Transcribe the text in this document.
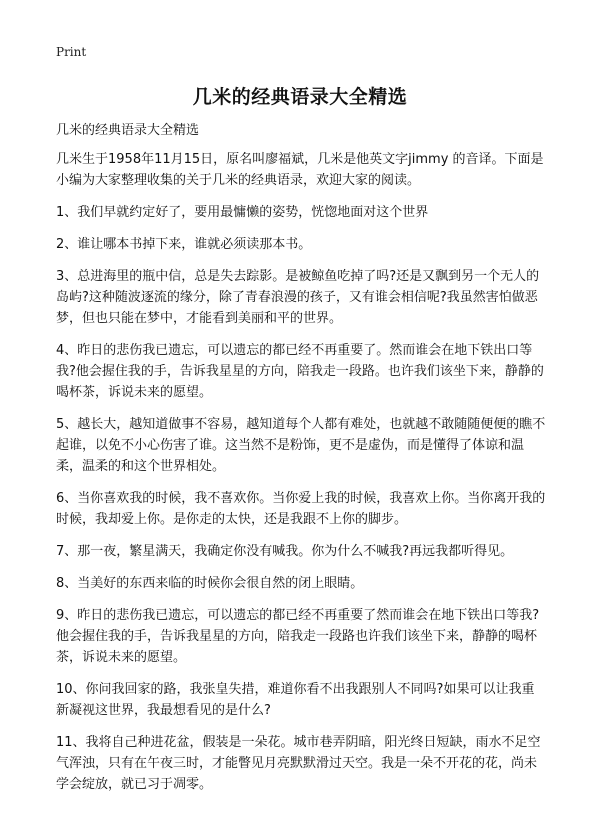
Print
几米的经典语录大全精选

几米的经典语录大全精选

几米生于1958年11月15日，原名叫廖福斌，几米是他英文字jimmy 的音译。下面是小编为大家整理收集的关于几米的经典语录，欢迎大家的阅读。

1、我们早就约定好了，要用最慵懒的姿势，恍惚地面对这个世界

2、谁让哪本书掉下来，谁就必须读那本书。

3、总进海里的瓶中信，总是失去踪影。是被鲸鱼吃掉了吗?还是又飘到另一个无人的岛屿?这种随波逐流的缘分，除了青春浪漫的孩子，又有谁会相信呢?我虽然害怕做恶梦，但也只能在梦中，才能看到美丽和平的世界。

4、昨日的悲伤我已遗忘，可以遗忘的都已经不再重要了。然而谁会在地下铁出口等我?他会握住我的手，告诉我星星的方向，陪我走一段路。也许我们该坐下来，静静的喝杯茶，诉说未来的愿望。

5、越长大，越知道做事不容易，越知道每个人都有难处，也就越不敢随随便便的瞧不起谁，以免不小心伤害了谁。这当然不是粉饰，更不是虚伪，而是懂得了体谅和温柔，温柔的和这个世界相处。

6、当你喜欢我的时候，我不喜欢你。当你爱上我的时候，我喜欢上你。当你离开我的时候，我却爱上你。是你走的太快，还是我跟不上你的脚步。

7、那一夜，繁星满天，我确定你没有喊我。你为什么不喊我?再远我都听得见。

8、当美好的东西来临的时候你会很自然的闭上眼睛。

9、昨日的悲伤我已遗忘，可以遗忘的都已经不再重要了然而谁会在地下铁出口等我?他会握住我的手，告诉我星星的方向，陪我走一段路也许我们该坐下来，静静的喝杯茶，诉说未来的愿望。

10、你问我回家的路，我张皇失措，难道你看不出我跟别人不同吗?如果可以让我重新凝视这世界，我最想看见的是什么?

11、我将自己种进花盆，假装是一朵花。城市巷弄阴暗，阳光终日短缺，雨水不足空气浑浊，只有在午夜三时，才能瞥见月亮默默滑过天空。我是一朵不开花的花，尚未学会绽放，就已习于凋零。
